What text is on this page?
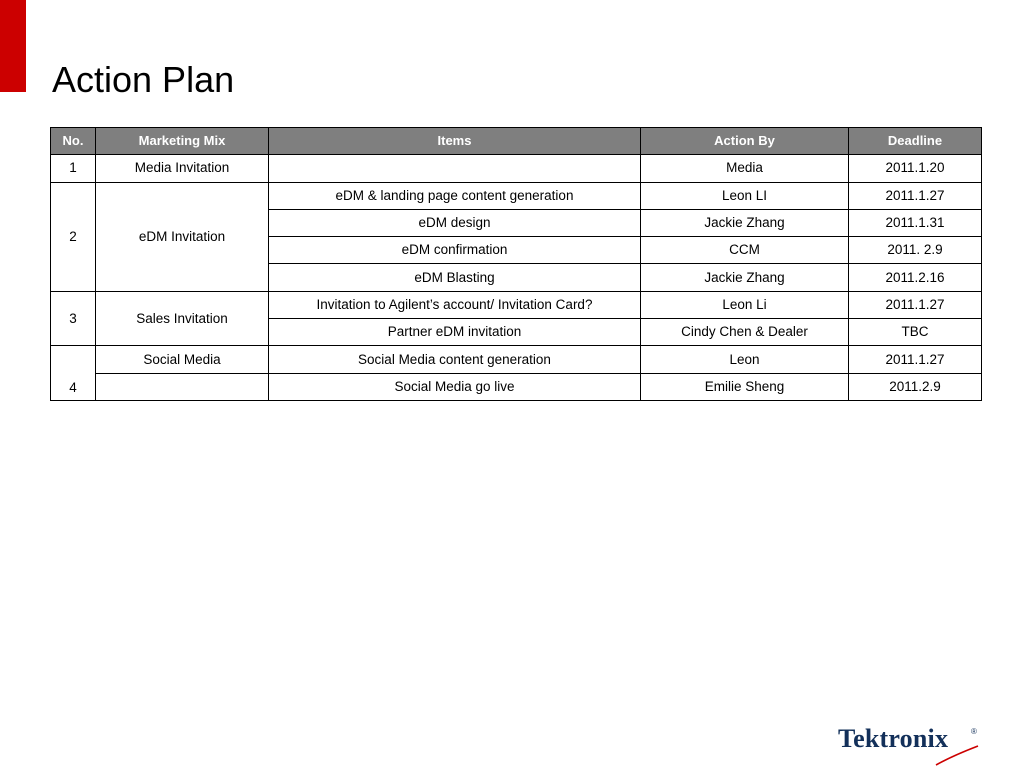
Action Plan
No.	Marketing Mix	Items	Action By	Deadline
1	Media Invitation		Media	2011.1.20
2	eDM Invitation	eDM & landing page content generation	Leon LI	2011.1.27
		eDM design	Jackie Zhang	2011.1.31
		eDM confirmation	CCM	2011. 2.9
		eDM Blasting	Jackie Zhang	2011.2.16
3	Sales Invitation	Invitation to Agilent’s account/ Invitation Card?	Leon Li	2011.1.27
		Partner eDM invitation	Cindy Chen & Dealer	TBC
4	Social Media	Social Media content generation	Leon	2011.1.27
		Social Media go live	Emilie Sheng	2011.2.9
Tektronix	®
